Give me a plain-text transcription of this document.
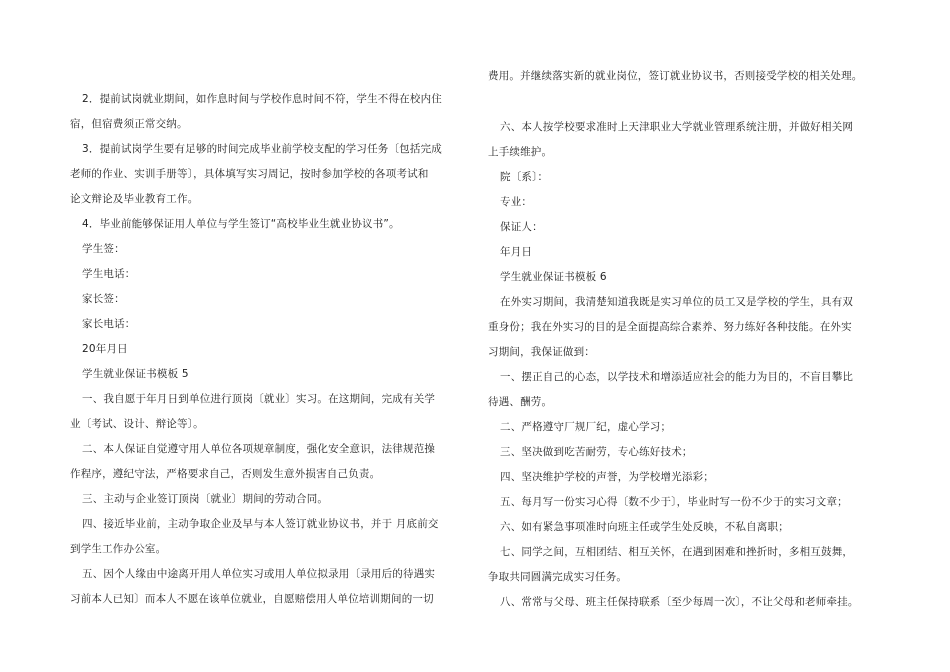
2．提前试岗就业期间，如作息时间与学校作息时间不符，学生不得在校内住
宿，但宿费须正常交纳。
3．提前试岗学生要有足够的时间完成毕业前学校支配的学习任务〔包括完成
老师的作业、实训手册等〕，具体填写实习周记，按时参加学校的各项考试和
论文辩论及毕业教育工作。
4．毕业前能够保证用人单位与学生签订“高校毕业生就业协议书”。
学生签：
学生电话：
家长签：
家长电话：
20年月日
学生就业保证书模板 5
一、我自愿于年月日到单位进行顶岗〔就业〕实习。在这期间，完成有关学
业〔考试、设计、辩论等〕。
二、本人保证自觉遵守用人单位各项规章制度，强化安全意识，法律规范操
作程序，遵纪守法，严格要求自己，否则发生意外损害自己负责。
三、主动与企业签订顶岗〔就业〕期间的劳动合同。
四、接近毕业前，主动争取企业及早与本人签订就业协议书，并于 月底前交
到学生工作办公室。
五、因个人缘由中途离开用人单位实习或用人单位拟录用〔录用后的待遇实
习前本人已知〕而本人不愿在该单位就业，自愿赔偿用人单位培训期间的一切
费用。并继续落实新的就业岗位，签订就业协议书，否则接受学校的相关处理。
六、本人按学校要求准时上天津职业大学就业管理系统注册，并做好相关网
上手续维护。
院〔系〕：
专业：
保证人：
年月日
学生就业保证书模板 6
在外实习期间，我清楚知道我既是实习单位的员工又是学校的学生，具有双
重身份；我在外实习的目的是全面提高综合素养、努力练好各种技能。在外实
习期间，我保证做到：
一、摆正自己的心态，以学技术和增添适应社会的能力为目的，不盲目攀比
待遇、酬劳。
二、严格遵守厂规厂纪，虚心学习；
三、坚决做到吃苦耐劳，专心练好技术；
四、坚决维护学校的声誉，为学校增光添彩；
五、每月写一份实习心得〔数不少于〕，毕业时写一份不少于的实习文章；
六、如有紧急事项准时向班主任或学生处反映，不私自离职；
七、同学之间，互相团结、相互关怀，在遇到困难和挫折时，多相互鼓舞，
争取共同圆满完成实习任务。
八、常常与父母、班主任保持联系〔至少每周一次〕，不让父母和老师牵挂。
